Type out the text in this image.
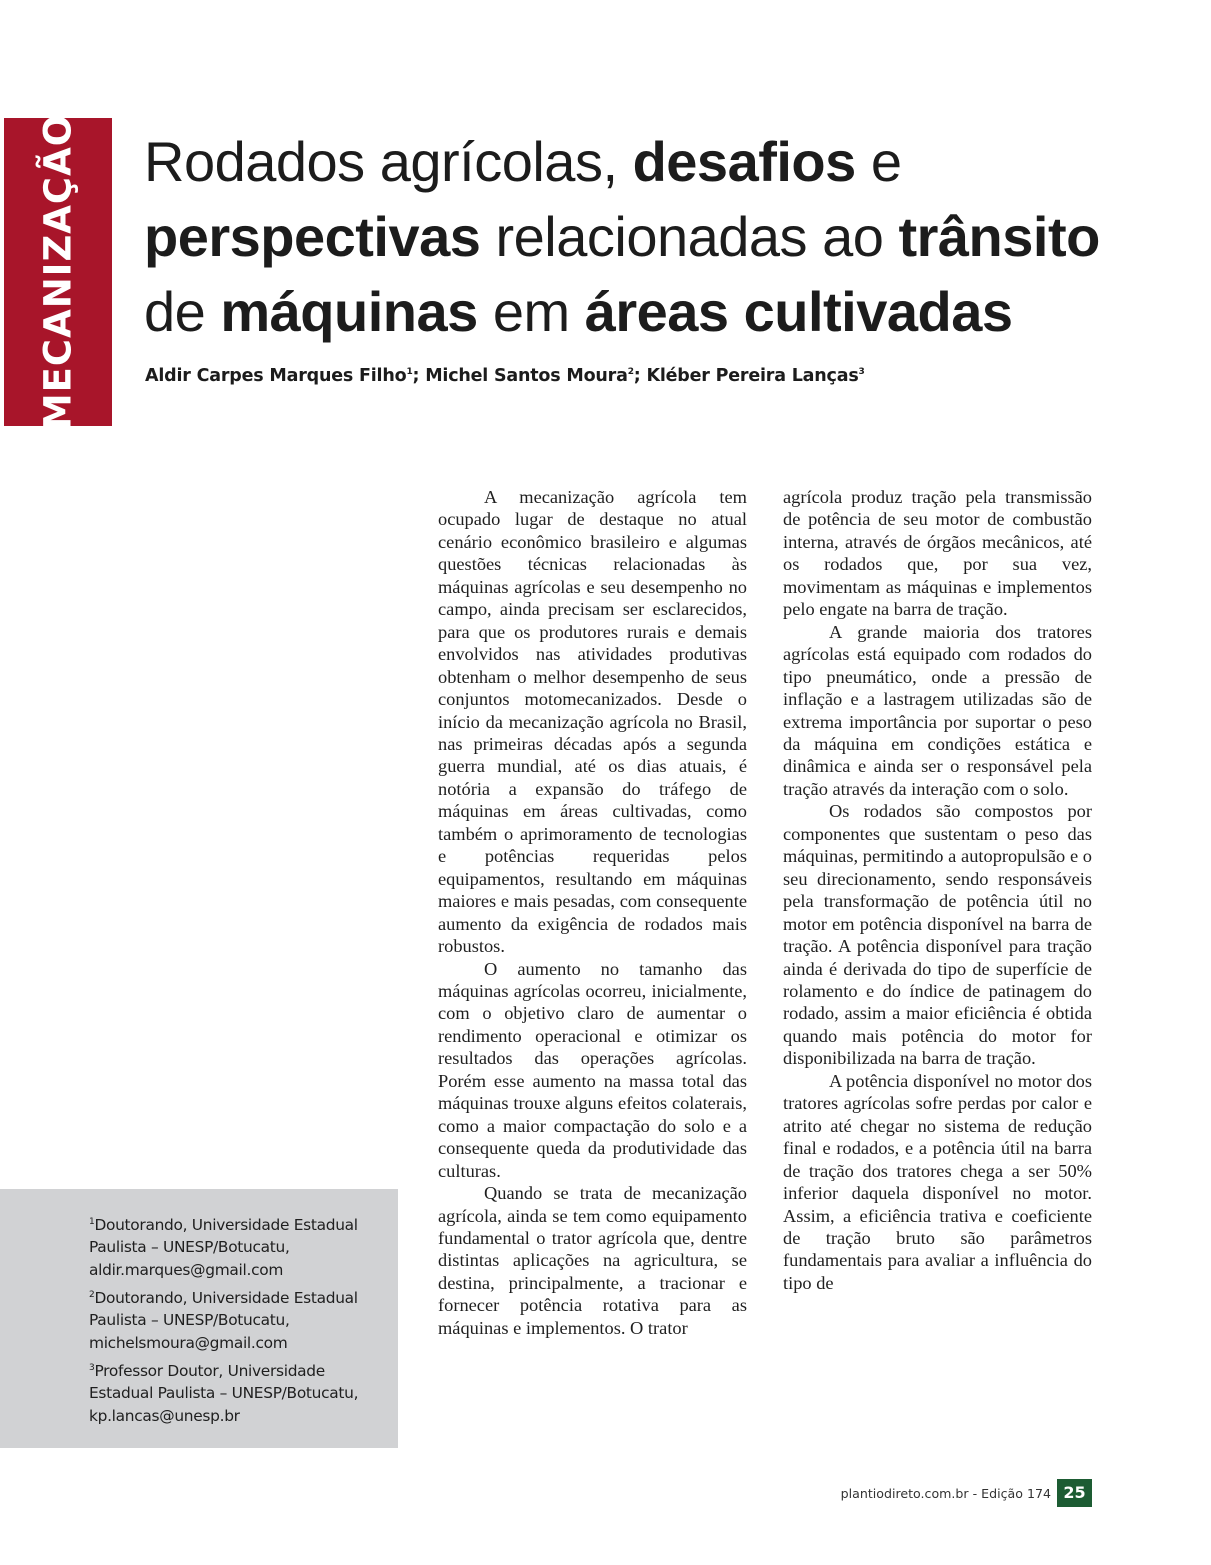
MECANIZAÇÃO Rodados agrícolas, desafios e
perspectivas relacionadas ao trânsito
de máquinas em áreas cultivadas
Aldir Carpes Marques Filho$^1$; Michel Santos Moura$^2$; Kléber Pereira Lanças$^3$

A mecanização agrícola tem ocupado lugar de destaque no atual cenário econômico brasileiro e algumas questões técnicas relacionadas às máquinas agrícolas e seu desempenho no campo, ainda precisam ser esclarecidos, para que os produtores rurais e demais envolvidos nas atividades produtivas obtenham o melhor desempenho de seus conjuntos motomecanizados. Desde o início da mecanização agrícola no Brasil, nas primeiras décadas após a segunda guerra mundial, até os dias atuais, é notória a expansão do tráfego de máquinas em áreas cultivadas, como também o aprimoramento de tecnologias e potências requeridas pelos equipamentos, resultando em máquinas maiores e mais pesadas, com consequente aumento da exigência de rodados mais robustos.

O aumento no tamanho das máquinas agrícolas ocorreu, inicialmente, com o objetivo claro de aumentar o rendimento operacional e otimizar os resultados das operações agrícolas. Porém esse aumento na massa total das máquinas trouxe alguns efeitos colaterais, como a maior compactação do solo e a consequente queda da produtividade das culturas.

Quando se trata de mecanização agrícola, ainda se tem como equipamento fundamental o trator agrícola que, dentre distintas aplicações na agricultura, se destina, principalmente, a tracionar e fornecer potência rotativa para as máquinas e implementos. O trator

agrícola produz tração pela transmissão de potência de seu motor de combustão interna, através de órgãos mecânicos, até os rodados que, por sua vez, movimentam as máquinas e implementos pelo engate na barra de tração.

A grande maioria dos tratores agrícolas está equipado com rodados do tipo pneumático, onde a pressão de inflação e a lastragem utilizadas são de extrema importância por suportar o peso da máquina em condições estática e dinâmica e ainda ser o responsável pela tração através da interação com o solo.

Os rodados são compostos por componentes que sustentam o peso das máquinas, permitindo a autopropulsão e o seu direcionamento, sendo responsáveis pela transformação de potência útil no motor em potência disponível na barra de tração. A potência disponível para tração ainda é derivada do tipo de superfície de rolamento e do índice de patinagem do rodado, assim a maior eficiência é obtida quando mais potência do motor for disponibilizada na barra de tração.

A potência disponível no motor dos tratores agrícolas sofre perdas por calor e atrito até chegar no sistema de redução final e rodados, e a potência útil na barra de tração dos tratores chega a ser 50% inferior daquela disponível no motor. Assim, a eficiência trativa e coeficiente de tração bruto são parâmetros fundamentais para avaliar a influência do tipo de

$^1$Doutorando, Universidade Estadual Paulista – UNESP/Botucatu, aldir.marques@gmail.com
$^2$Doutorando, Universidade Estadual Paulista – UNESP/Botucatu, michelsmoura@gmail.com
$^3$Professor Doutor, Universidade Estadual Paulista – UNESP/Botucatu, kp.lancas@unesp.br
plantiodireto.com.br - Edição 174 25
